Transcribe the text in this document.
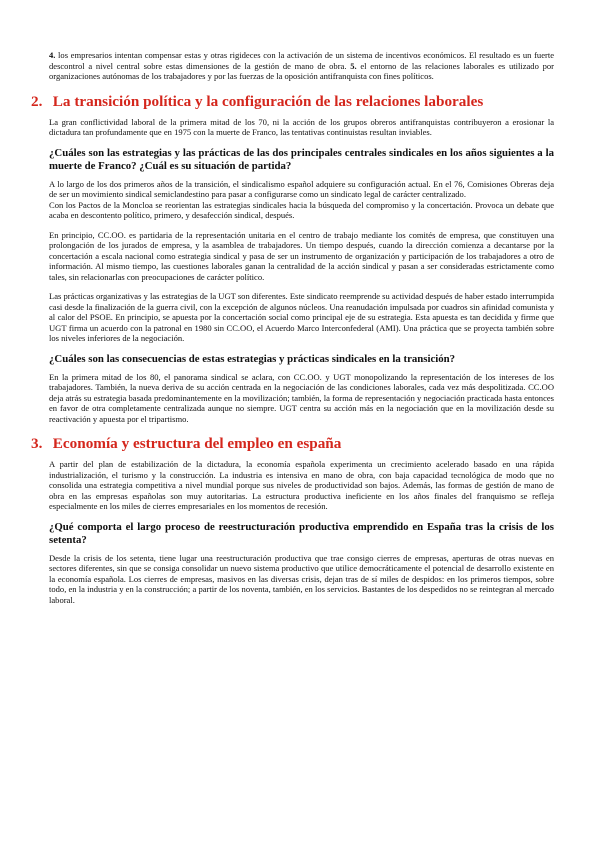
4. los empresarios intentan compensar estas y otras rigideces con la activación de un sistema de incentivos económicos. El resultado es un fuerte descontrol a nivel central sobre estas dimensiones de la gestión de mano de obra. 5. el entorno de las relaciones laborales es utilizado por organizaciones autónomas de los trabajadores y por las fuerzas de la oposición antifranquista con fines políticos.

2. La transición política y la configuración de las relaciones laborales

La gran conflictividad laboral de la primera mitad de los 70, ni la acción de los grupos obreros antifranquistas contribuyeron a erosionar la dictadura tan profundamente que en 1975 con la muerte de Franco, las tentativas continuistas resultan inviables.

¿Cuáles son las estrategias y las prácticas de las dos principales centrales sindicales en los años siguientes a la muerte de Franco? ¿Cuál es su situación de partida?

A lo largo de los dos primeros años de la transición, el sindicalismo español adquiere su configuración actual. En el 76, Comisiones Obreras deja de ser un movimiento sindical semiclandestino para pasar a configurarse como un sindicato legal de carácter centralizado.

Con los Pactos de la Moncloa se reorientan las estrategias sindicales hacia la búsqueda del compromiso y la concertación. Provoca un debate que acaba en descontento político, primero, y desafección sindical, después.

En principio, CC.OO. es partidaria de la representación unitaria en el centro de trabajo mediante los comités de empresa, que constituyen una prolongación de los jurados de empresa, y la asamblea de trabajadores. Un tiempo después, cuando la dirección comienza a decantarse por la concertación a escala nacional como estrategia sindical y pasa de ser un instrumento de organización y participación de los trabajadores a otro de información. Al mismo tiempo, las cuestiones laborales ganan la centralidad de la acción sindical y pasan a ser consideradas estrictamente como tales, sin relacionarlas con preocupaciones de carácter político.

Las prácticas organizativas y las estrategias de la UGT son diferentes. Este sindicato reemprende su actividad después de haber estado interrumpida casi desde la finalización de la guerra civil, con la excepción de algunos núcleos. Una reanudación impulsada por cuadros sin afinidad comunista y al calor del PSOE. En principio, se apuesta por la concertación social como principal eje de su estrategia. Esta apuesta es tan decidida y firme que UGT firma un acuerdo con la patronal en 1980 sin CC.OO, el Acuerdo Marco Interconfederal (AMI). Una práctica que se proyecta también sobre los niveles inferiores de la negociación.

¿Cuáles son las consecuencias de estas estrategias y prácticas sindicales en la transición?

En la primera mitad de los 80, el panorama sindical se aclara, con CC.OO. y UGT monopolizando la representación de los intereses de los trabajadores. También, la nueva deriva de su acción centrada en la negociación de las condiciones laborales, cada vez más despolitizada. CC.OO deja atrás su estrategia basada predominantemente en la movilización; también, la forma de representación y negociación practicada hasta entonces en favor de otra completamente centralizada aunque no siempre. UGT centra su acción más en la negociación que en la movilización desde su reactivación y apuesta por el tripartismo.

3. Economía y estructura del empleo en españa

A partir del plan de estabilización de la dictadura, la economía española experimenta un crecimiento acelerado basado en una rápida industrialización, el turismo y la construcción. La industria es intensiva en mano de obra, con baja capacidad tecnológica de modo que no consolida una estrategia competitiva a nivel mundial porque sus niveles de productividad son bajos. Además, las formas de gestión de mano de obra en las empresas españolas son muy autoritarias. La estructura productiva ineficiente en los años finales del franquismo se refleja especialmente en los miles de cierres empresariales en los momentos de recesión.

¿Qué comporta el largo proceso de reestructuración productiva emprendido en España tras la crisis de los setenta?

Desde la crisis de los setenta, tiene lugar una reestructuración productiva que trae consigo cierres de empresas, aperturas de otras nuevas en sectores diferentes, sin que se consiga consolidar un nuevo sistema productivo que utilice democráticamente el potencial de desarrollo existente en la economía española. Los cierres de empresas, masivos en las diversas crisis, dejan tras de sí miles de despidos: en los primeros tiempos, sobre todo, en la industria y en la construcción; a partir de los noventa, también, en los servicios. Bastantes de los despedidos no se reintegran al mercado laboral.
